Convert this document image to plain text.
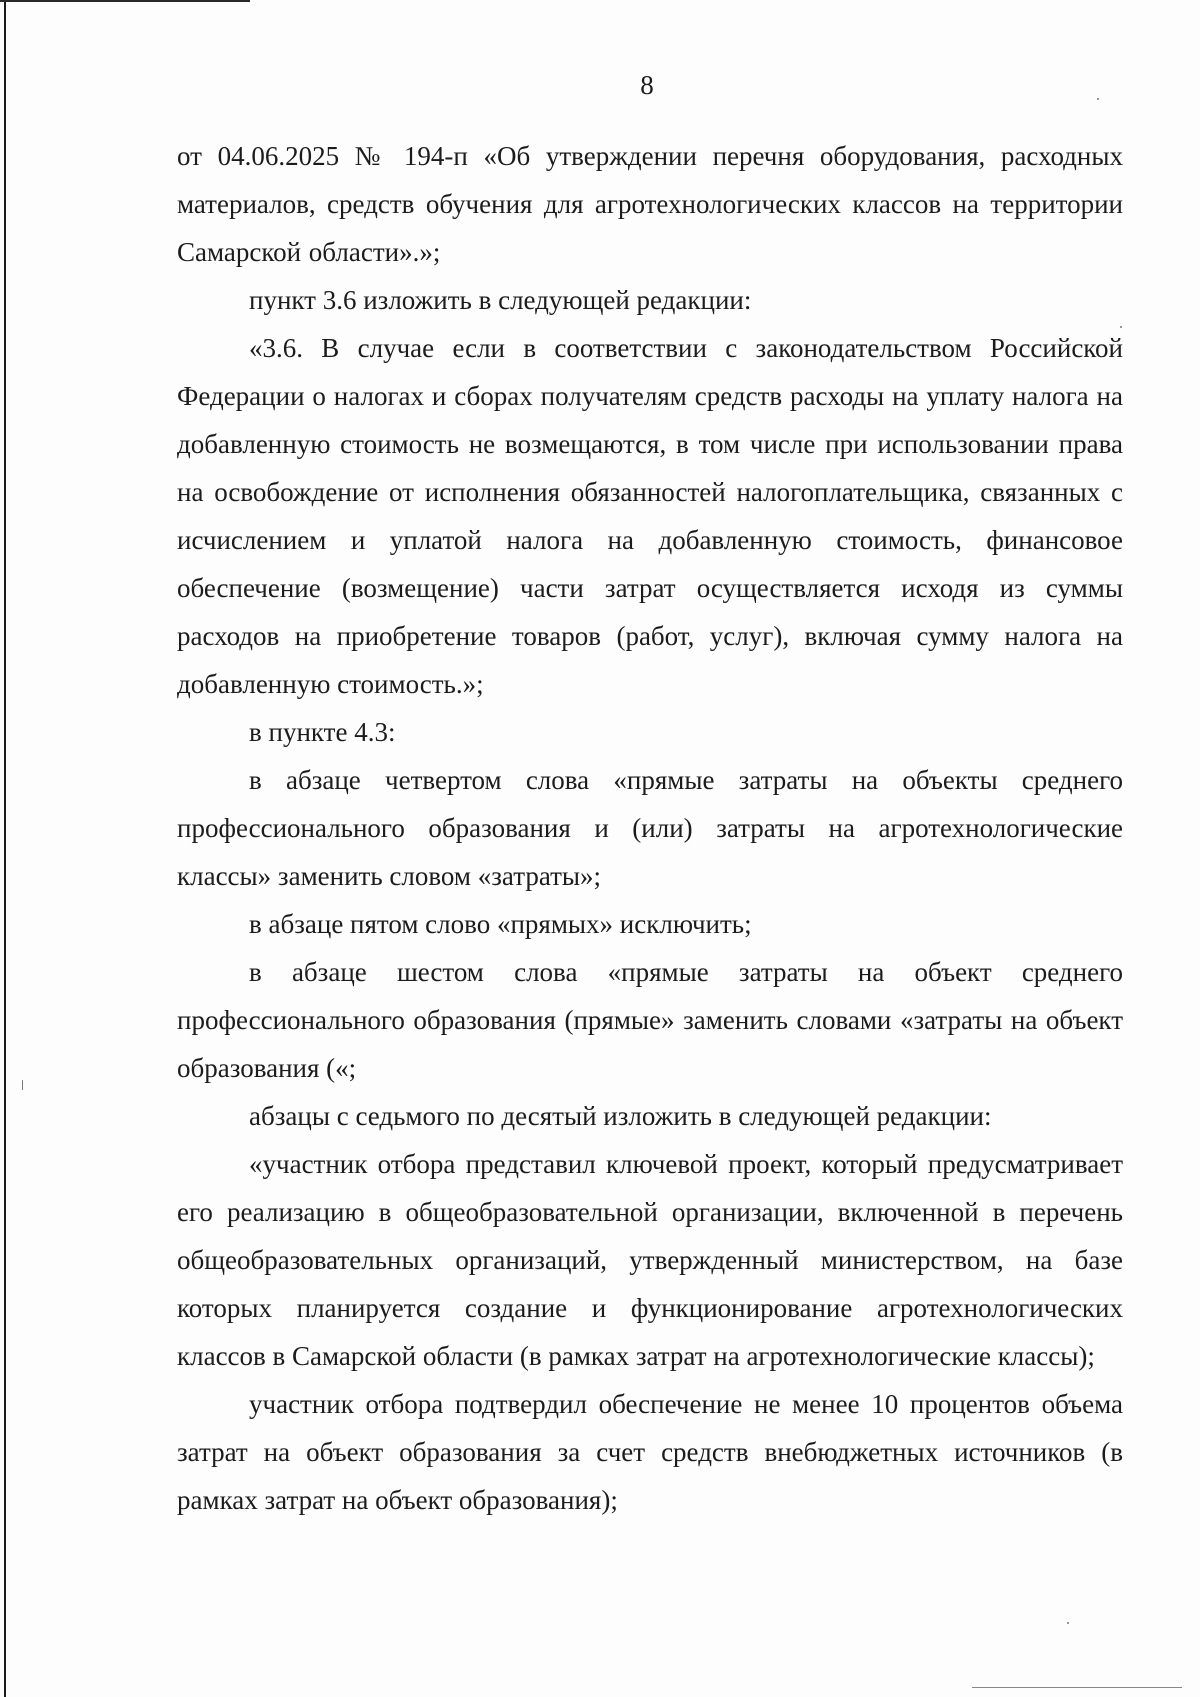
8

от 04.06.2025 № 194-п «Об утверждении перечня оборудования, расходных материалов, средств обучения для агротехнологических классов на территории Самарской области».»;

пункт 3.6 изложить в следующей редакции:

«3.6. В случае если в соответствии с законодательством Российской Федерации о налогах и сборах получателям средств расходы на уплату налога на добавленную стоимость не возмещаются, в том числе при использовании права на освобождение от исполнения обязанностей налогоплательщика, связанных с исчислением и уплатой налога на добавленную стоимость, финансовое обеспечение (возмещение) части затрат осуществляется исходя из суммы расходов на приобретение товаров (работ, услуг), включая сумму налога на добавленную стоимость.»;

в пункте 4.3:

в абзаце четвертом слова «прямые затраты на объекты среднего профессионального образования и (или) затраты на агротехнологические классы» заменить словом «затраты»;

в абзаце пятом слово «прямых» исключить;

в абзаце шестом слова «прямые затраты на объект среднего профессионального образования (прямые» заменить словами «затраты на объект образования («;

абзацы с седьмого по десятый изложить в следующей редакции:

«участник отбора представил ключевой проект, который предусматривает его реализацию в общеобразовательной организации, включенной в перечень общеобразовательных организаций, утвержденный министерством, на базе которых планируется создание и функционирование агротехнологических классов в Самарской области (в рамках затрат на агротехнологические классы);

участник отбора подтвердил обеспечение не менее 10 процентов объема затрат на объект образования за счет средств внебюджетных источников (в рамках затрат на объект образования);
